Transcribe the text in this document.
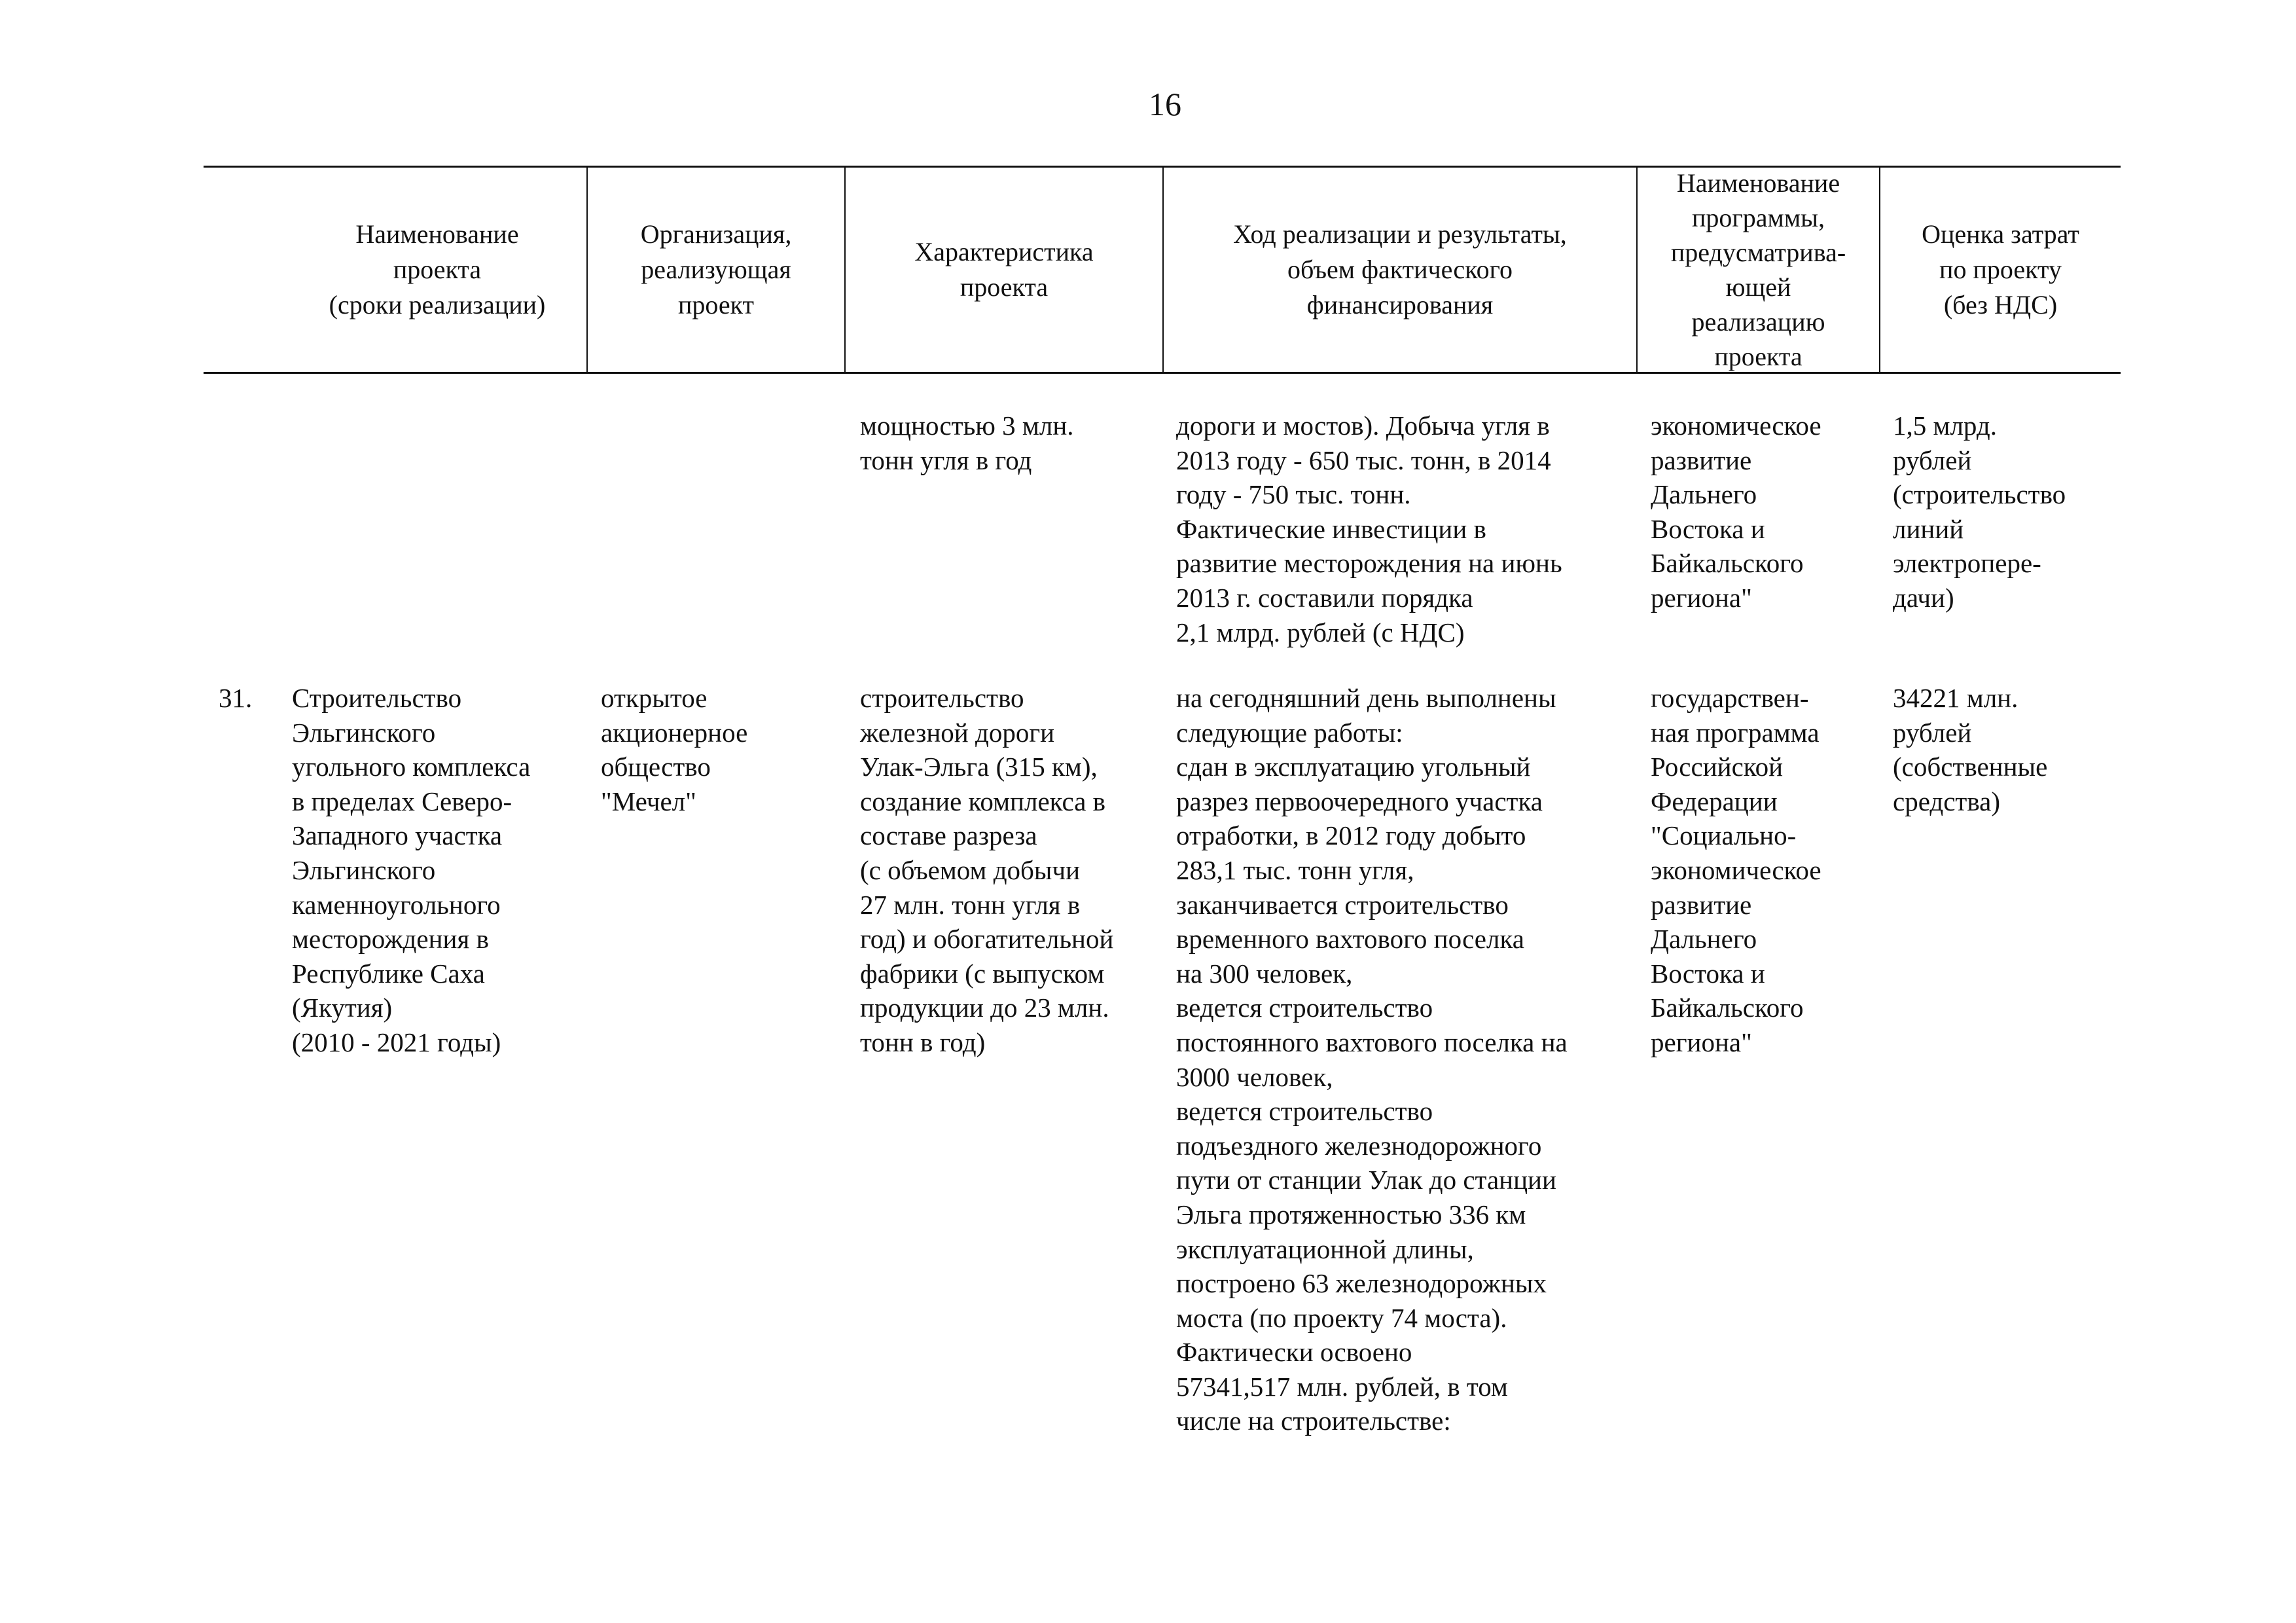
16
Наименование
проекта
(сроки реализации)
Организация,
реализующая
проект
Характеристика
проекта
Ход реализации и результаты,
объем фактического
финансирования
Наименование
программы,
предусматрива-
ющей
реализацию
проекта
Оценка затрат
по проекту
(без НДС)
мощностью 3 млн.
тонн угля в год
дороги и мостов). Добыча угля в
2013 году - 650 тыс. тонн, в 2014
году - 750 тыс. тонн.
Фактические инвестиции в
развитие месторождения на июнь
2013 г. составили порядка
2,1 млрд. рублей (с НДС)
экономическое
развитие
Дальнего
Востока и
Байкальского
региона"
1,5 млрд.
рублей
(строительство
линий
электропере-
дачи)
31. Строительство
Эльгинского
угольного комплекса
в пределах Северо-
Западного участка
Эльгинского
каменноугольного
месторождения в
Республике Саха
(Якутия)
(2010 - 2021 годы)
открытое
акционерное
общество
"Мечел"
строительство
железной дороги
Улак-Эльга (315 км),
создание комплекса в
составе разреза
(с объемом добычи
27 млн. тонн угля в
год) и обогатительной
фабрики (с выпуском
продукции до 23 млн.
тонн в год)
на сегодняшний день выполнены
следующие работы:
сдан в эксплуатацию угольный
разрез первоочередного участка
отработки, в 2012 году добыто
283,1 тыс. тонн угля,
заканчивается строительство
временного вахтового поселка
на 300 человек,
ведется строительство
постоянного вахтового поселка на
3000 человек,
ведется строительство
подъездного железнодорожного
пути от станции Улак до станции
Эльга протяженностью 336 км
эксплуатационной длины,
построено 63 железнодорожных
моста (по проекту 74 моста).
Фактически освоено
57341,517 млн. рублей, в том
числе на строительстве:
государствен-
ная программа
Российской
Федерации
"Социально-
экономическое
развитие
Дальнего
Востока и
Байкальского
региона"
34221 млн.
рублей
(собственные
средства)
